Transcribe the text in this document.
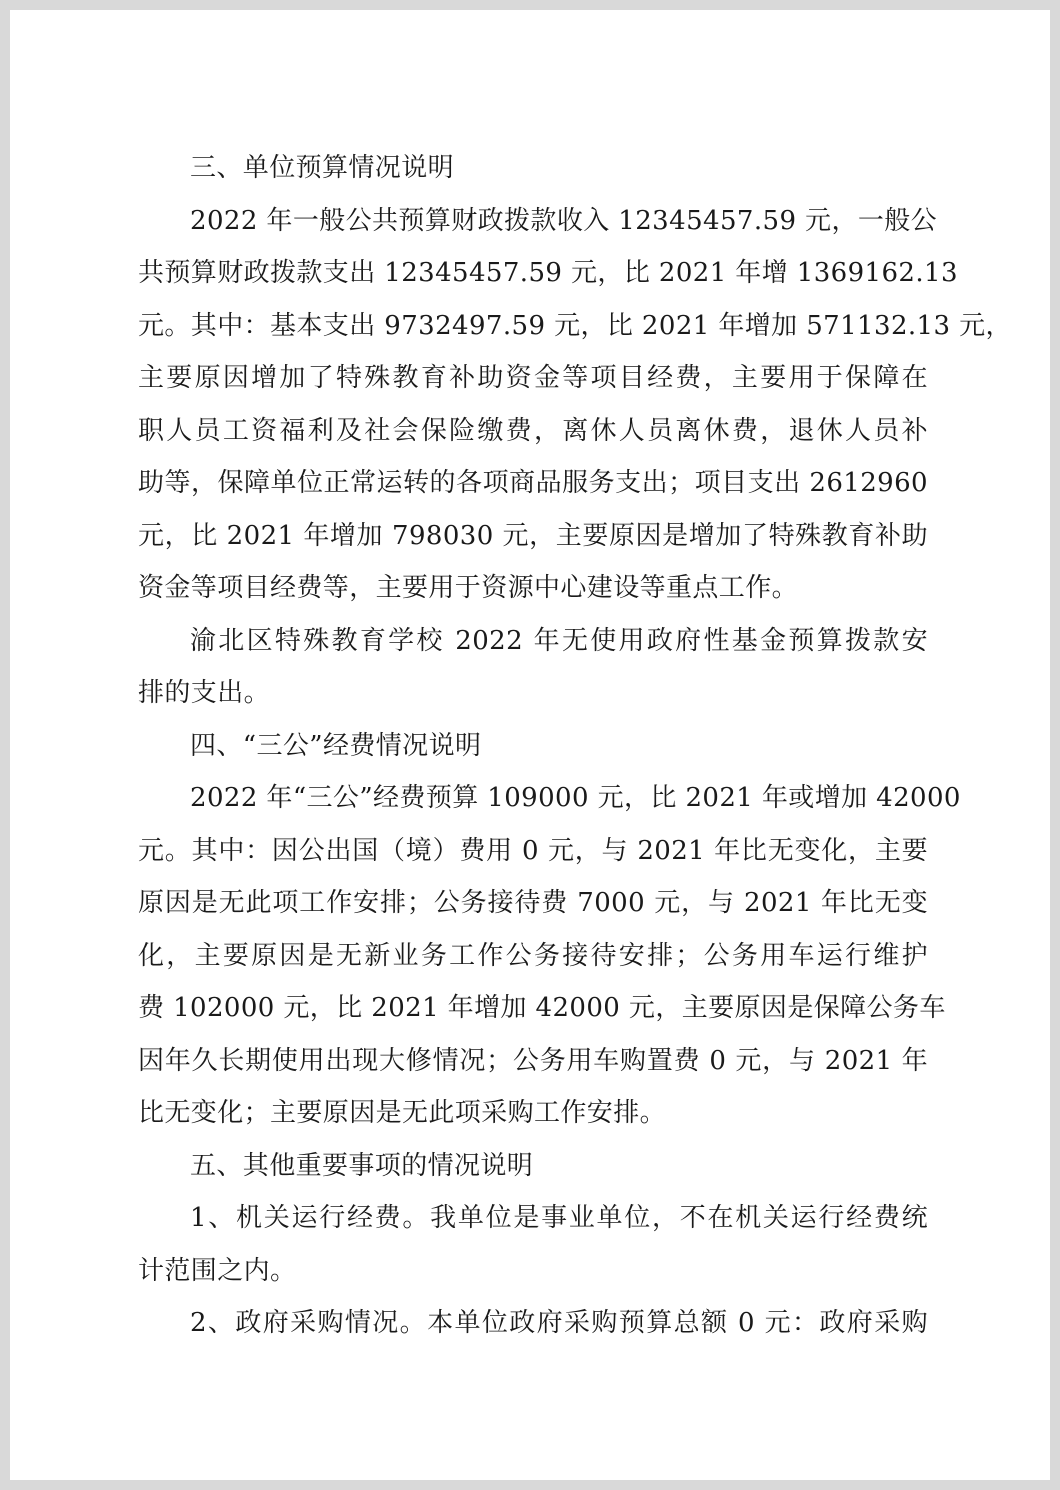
三、单位预算情况说明
2022 年一般公共预算财政拨款收入 12345457.59 元，一般公
共预算财政拨款支出 12345457.59 元，比 2021 年增 1369162.13
元。其中：基本支出 9732497.59 元，比 2021 年增加 571132.13 元，
主要原因增加了特殊教育补助资金等项目经费，主要用于保障在
职人员工资福利及社会保险缴费，离休人员离休费，退休人员补
助等，保障单位正常运转的各项商品服务支出；项目支出 2612960
元，比 2021 年增加 798030 元，主要原因是增加了特殊教育补助
资金等项目经费等，主要用于资源中心建设等重点工作。
渝北区特殊教育学校 2022 年无使用政府性基金预算拨款安
排的支出。
四、“三公”经费情况说明
2022 年“三公”经费预算 109000 元，比 2021 年或增加 42000
元。其中：因公出国（境）费用 0 元，与 2021 年比无变化，主要
原因是无此项工作安排；公务接待费 7000 元，与 2021 年比无变
化，主要原因是无新业务工作公务接待安排；公务用车运行维护
费 102000 元，比 2021 年增加 42000 元，主要原因是保障公务车
因年久长期使用出现大修情况；公务用车购置费 0 元，与 2021 年
比无变化；主要原因是无此项采购工作安排。
五、其他重要事项的情况说明
1、机关运行经费。我单位是事业单位，不在机关运行经费统
计范围之内。
2、政府采购情况。本单位政府采购预算总额 0 元：政府采购
